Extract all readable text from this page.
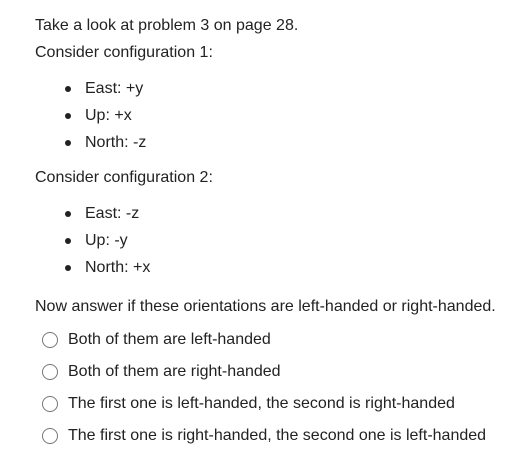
Take a look at problem 3 on page 28.
Consider configuration 1:
East: +y
Up: +x
North: -z
Consider configuration 2:
East: -z
Up: -y
North: +x
Now answer if these orientations are left-handed or right-handed.
Both of them are left-handed
Both of them are right-handed
The first one is left-handed, the second is right-handed
The first one is right-handed, the second one is left-handed
